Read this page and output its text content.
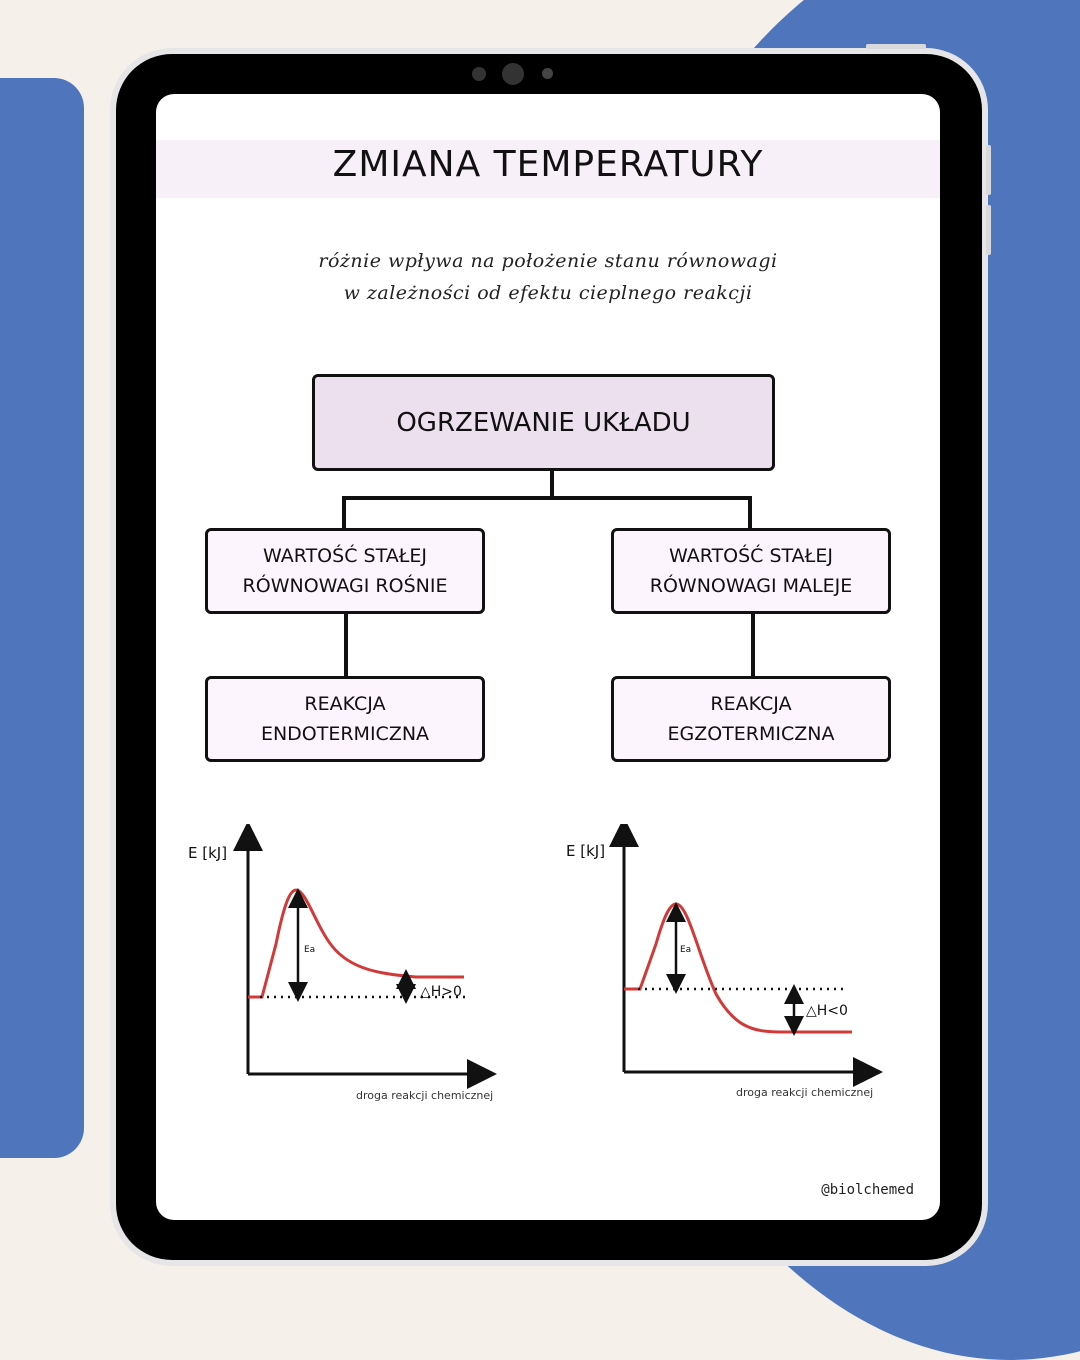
ZMIANA TEMPERATURY
różnie wpływa na położenie stanu równowagi
w zależności od efektu cieplnego reakcji
OGRZEWANIE UKŁADU
WARTOŚĆ STAŁEJ
RÓWNOWAGI ROŚNIE
WARTOŚĆ STAŁEJ
RÓWNOWAGI MALEJE
REAKCJA
ENDOTERMICZNA
REAKCJA
EGZOTERMICZNA
E [kJ]
Ea
△H>0
droga reakcji chemicznej
E [kJ]
Ea
△H<0
droga reakcji chemicznej
@biolchemed
